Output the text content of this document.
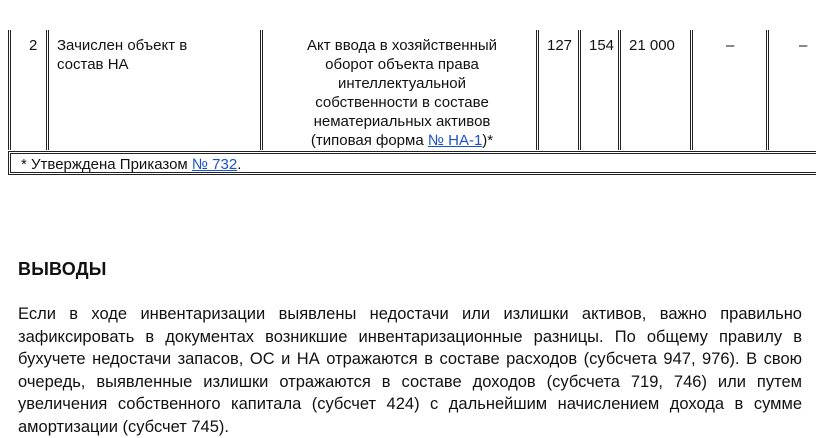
2 Зачислен объект в состав НА
Акт ввода в хозяйственный оборот объекта права интеллектуальной собственности в составе нематериальных активов (типовая форма № НА-1)*
127 154 21 000	–	–
* Утверждена Приказом № 732.
ВЫВОДЫ

Если в ходе инвентаризации выявлены недостачи или излишки активов, важно правильно зафиксировать в документах возникшие инвентаризационные разницы. По общему правилу в бухучете недостачи запасов, ОС и НА отражаются в составе расходов (субсчета 947, 976). В свою очередь, выявленные излишки отражаются в составе доходов (субсчета 719, 746) или путем увеличения собственного капитала (субсчет 424) с дальнейшим начислением дохода в сумме амортизации (субсчет 745).
